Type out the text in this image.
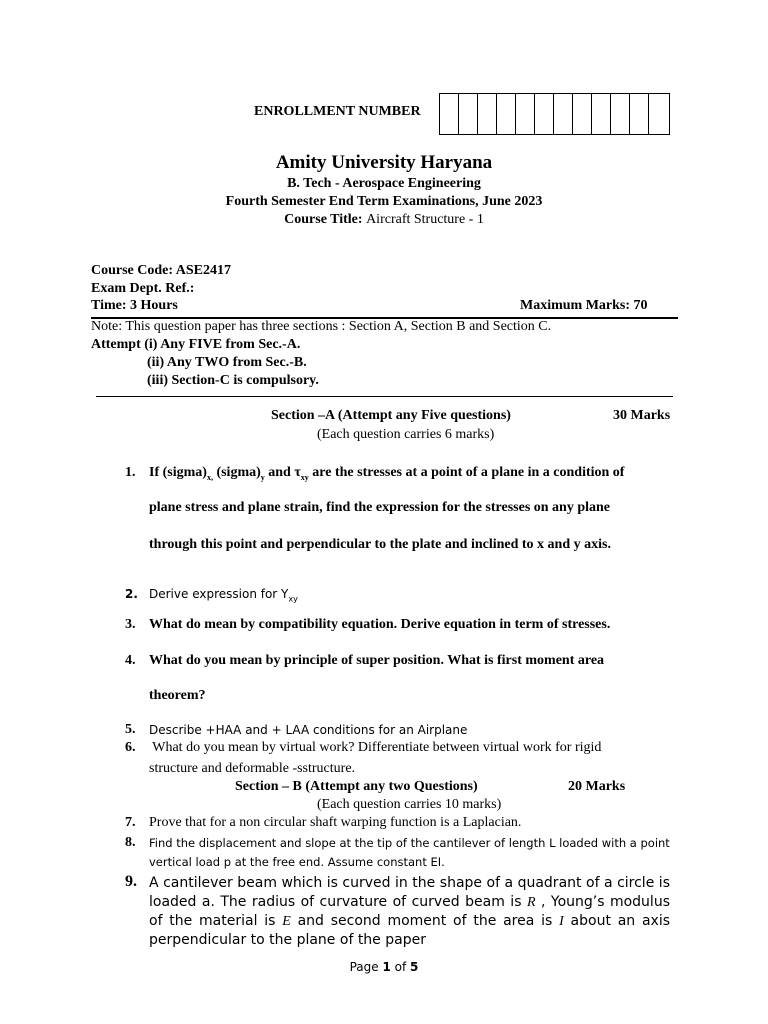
ENROLLMENT NUMBER
Amity University Haryana
B. Tech - Aerospace Engineering
Fourth Semester End Term Examinations, June 2023
Course Title: Aircraft Structure - 1
Course Code: ASE2417
Exam Dept. Ref.:
Time: 3 Hours	Maximum Marks: 70
Note: This question paper has three sections : Section A, Section B and Section C.
Attempt (i) Any FIVE from Sec.-A.
(ii) Any TWO from Sec.-B.
(iii) Section-C is compulsory.
Section –A (Attempt any Five questions)	30 Marks
(Each question carries 6 marks)
1. If $(sigma)_{x,}$ $(sigma)_y$ and $\tau_{xy}$ are the stresses at a point of a plane in a condition of
plane stress and plane strain, find the expression for the stresses on any plane
through this point and perpendicular to the plate and inclined to x and y axis.
2. Derive expression for $\Upsilon_{xy}$
3. What do mean by compatibility equation. Derive equation in term of stresses.
4. What do you mean by principle of super position. What is first moment area
theorem?
5. Describe +HAA and + LAA conditions for an Airplane
6. What do you mean by virtual work? Differentiate between virtual work for rigid
structure and deformable -sstructure.
Section – B (Attempt any two Questions)	20 Marks
(Each question carries 10 marks)
7. Prove that for a non circular shaft warping function is a Laplacian.
8. Find the displacement and slope at the tip of the cantilever of length L loaded with a point
vertical load p at the free end. Assume constant EI.
9. A cantilever beam which is curved in the shape of a quadrant of a circle is loaded a. The radius of curvature of curved beam is R , Young’s modulus of the material is E and second moment of the area is I about an axis perpendicular to the plane of the paper
Page 1 of 5
